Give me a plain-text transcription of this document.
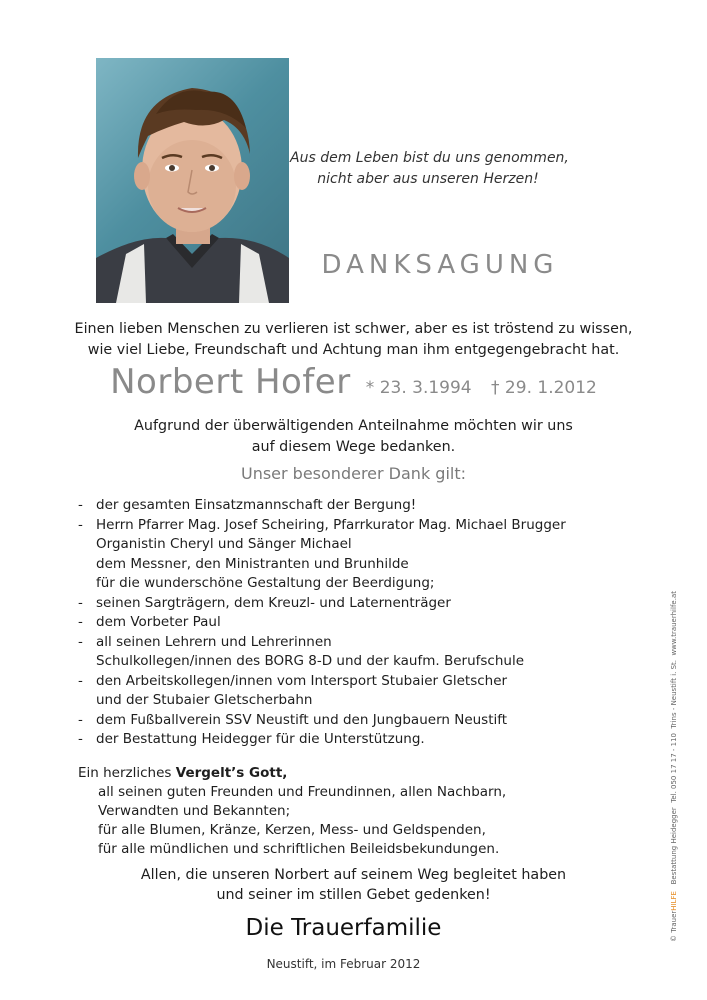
Aus dem Leben bist du uns genommen,
nicht aber aus unseren Herzen!
DANKSAGUNG
Einen lieben Menschen zu verlieren ist schwer, aber es ist tröstend zu wissen,
wie viel Liebe, Freundschaft und Achtung man ihm entgegengebracht hat.
Norbert Hofer * 23. 3.1994 † 29. 1.2012
Aufgrund der überwältigenden Anteilnahme möchten wir uns
auf diesem Wege bedanken.
Unser besonderer Dank gilt:
- der gesamten Einsatzmannschaft der Bergung!
- Herrn Pfarrer Mag. Josef Scheiring, Pfarrkurator Mag. Michael Brugger
Organistin Cheryl und Sänger Michael
dem Messner, den Ministranten und Brunhilde
für die wunderschöne Gestaltung der Beerdigung;
- seinen Sargträgern, dem Kreuzl- und Laternenträger
- dem Vorbeter Paul
- all seinen Lehrern und Lehrerinnen
Schulkollegen/innen des BORG 8-D und der kaufm. Berufschule
- den Arbeitskollegen/innen vom Intersport Stubaier Gletscher
und der Stubaier Gletscherbahn
- dem Fußballverein SSV Neustift und den Jungbauern Neustift
- der Bestattung Heidegger für die Unterstützung.
Ein herzliches Vergelt’s Gott,
all seinen guten Freunden und Freundinnen, allen Nachbarn,
Verwandten und Bekannten;
für alle Blumen, Kränze, Kerzen, Mess- und Geldspenden,
für alle mündlichen und schriftlichen Beileidsbekundungen.
Allen, die unseren Norbert auf seinem Weg begleitet haben
und seiner im stillen Gebet gedenken!
Die Trauerfamilie
Neustift, im Februar 2012
© TrauerHILFE   Bestattung Heidegger  Tel. 050 17 17 - 110  Trins - Neustift i. St.  www.trauerhilfe.at
